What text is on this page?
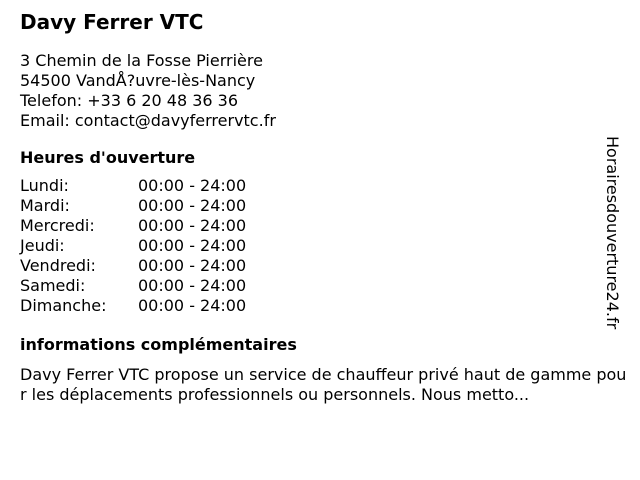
Davy Ferrer VTC
3 Chemin de la Fosse Pierrière
54500 VandÅ?uvre-lès-Nancy
Telefon: +33 6 20 48 36 36
Email: contact@davyferrervtc.fr
Heures d'ouverture
Lundi:	00:00 - 24:00
Mardi:	00:00 - 24:00
Mercredi:	00:00 - 24:00
Jeudi:	00:00 - 24:00
Vendredi:	00:00 - 24:00
Samedi:	00:00 - 24:00
Dimanche:	00:00 - 24:00
informations complémentaires
Davy Ferrer VTC propose un service de chauffeur privé haut de gamme pour les déplacements professionnels ou personnels. Nous metto...
Horairesdouverture24.fr
